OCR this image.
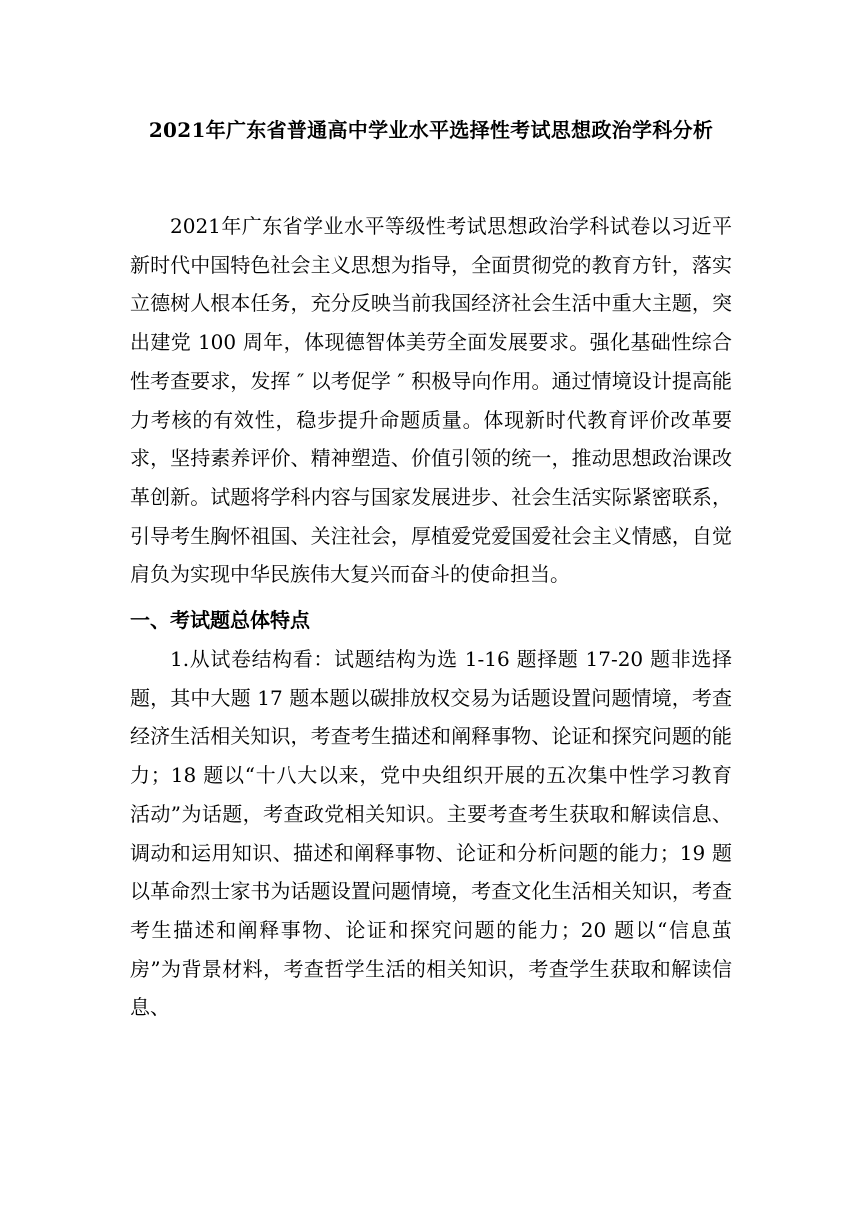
2021年广东省普通高中学业水平选择性考试思想政治学科分析

2021年广东省学业水平等级性考试思想政治学科试卷以习近平新时代中国特色社会主义思想为指导，全面贯彻党的教育方针，落实立德树人根本任务，充分反映当前我国经济社会生活中重大主题，突出建党 100 周年，体现德智体美劳全面发展要求。强化基础性综合性考查要求，发挥 ″ 以考促学 ″ 积极导向作用。通过情境设计提高能力考核的有效性，稳步提升命题质量。体现新时代教育评价改革要求，坚持素养评价、精神塑造、价值引领的统一，推动思想政治课改革创新。试题将学科内容与国家发展进步、社会生活实际紧密联系，引导考生胸怀祖国、关注社会，厚植爱党爱国爱社会主义情感，自觉肩负为实现中华民族伟大复兴而奋斗的使命担当。

一、考试题总体特点

1.从试卷结构看：试题结构为选 1-16 题择题 17-20 题非选择题，其中大题 17 题本题以碳排放权交易为话题设置问题情境，考查经济生活相关知识，考查考生描述和阐释事物、论证和探究问题的能力；18 题以“十八大以来，党中央组织开展的五次集中性学习教育活动”为话题，考查政党相关知识。主要考查考生获取和解读信息、调动和运用知识、描述和阐释事物、论证和分析问题的能力；19 题以革命烈士家书为话题设置问题情境，考查文化生活相关知识，考查考生描述和阐释事物、论证和探究问题的能力；20 题以“信息茧房”为背景材料，考查哲学生活的相关知识，考查学生获取和解读信息、
